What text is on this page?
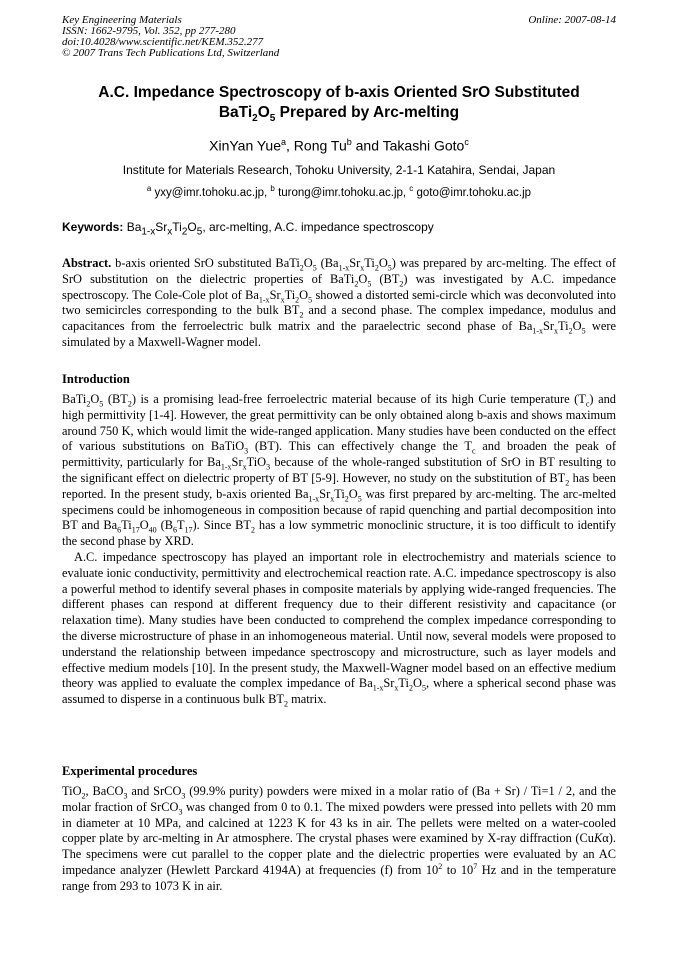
Key Engineering Materials
ISSN: 1662-9795, Vol. 352, pp 277-280
doi:10.4028/www.scientific.net/KEM.352.277
© 2007 Trans Tech Publications Ltd, Switzerland
Online: 2007-08-14
A.C. Impedance Spectroscopy of b-axis Oriented SrO Substituted
$BaTi_2O_5$ Prepared by Arc-melting
XinYan Yue$^a$, Rong Tu$^b$ and Takashi Goto$^c$
Institute for Materials Research, Tohoku University, 2-1-1 Katahira, Sendai, Japan
$^a$ yxy@imr.tohoku.ac.jp, $^b$ turong@imr.tohoku.ac.jp, $^c$ goto@imr.tohoku.ac.jp
Keywords: $Ba_{1-x}Sr_xTi_2O_5$, arc-melting, A.C. impedance spectroscopy

Abstract. b-axis oriented SrO substituted $BaTi_2O_5$ $(Ba_{1-x}Sr_xTi_2O_5)$ was prepared by arc-melting. The effect of SrO substitution on the dielectric properties of $BaTi_2O_5$ $(BT_2)$ was investigated by A.C. impedance spectroscopy. The Cole-Cole plot of $Ba_{1-x}Sr_xTi_2O_5$ showed a distorted semi-circle which was deconvoluted into two semicircles corresponding to the bulk $BT_2$ and a second phase. The complex impedance, modulus and capacitances from the ferroelectric bulk matrix and the paraelectric second phase of $Ba_{1-x}Sr_xTi_2O_5$ were simulated by a Maxwell-Wagner model.

Introduction

$BaTi_2O_5$ $(BT_2)$ is a promising lead-free ferroelectric material because of its high Curie temperature $(T_c)$ and high permittivity [1-4]. However, the great permittivity can be only obtained along b-axis and shows maximum around 750 K, which would limit the wide-ranged application. Many studies have been conducted on the effect of various substitutions on BaTiO$_3$ (BT). This can effectively change the $T_c$ and broaden the peak of permittivity, particularly for $Ba_{1-x}Sr_xTiO_3$ because of the whole-ranged substitution of SrO in BT resulting to the significant effect on dielectric property of BT [5-9]. However, no study on the substitution of $BT_2$ has been reported. In the present study, b-axis oriented $Ba_{1-x}Sr_xTi_2O_5$ was first prepared by arc-melting. The arc-melted specimens could be inhomogeneous in composition because of rapid quenching and partial decomposition into BT and $Ba_6Ti_{17}O_{40}$ $(B_6T_{17})$. Since $BT_2$ has a low symmetric monoclinic structure, it is too difficult to identify the second phase by XRD.

A.C. impedance spectroscopy has played an important role in electrochemistry and materials science to evaluate ionic conductivity, permittivity and electrochemical reaction rate. A.C. impedance spectroscopy is also a powerful method to identify several phases in composite materials by applying wide-ranged frequencies. The different phases can respond at different frequency due to their different resistivity and capacitance (or relaxation time). Many studies have been conducted to comprehend the complex impedance corresponding to the diverse microstructure of phase in an inhomogeneous material. Until now, several models were proposed to understand the relationship between impedance spectroscopy and microstructure, such as layer models and effective medium models [10]. In the present study, the Maxwell-Wagner model based on an effective medium theory was applied to evaluate the complex impedance of $Ba_{1-x}Sr_xTi_2O_5$, where a spherical second phase was assumed to disperse in a continuous bulk $BT_2$ matrix.

Experimental procedures

TiO$_2$, BaCO$_3$ and SrCO$_3$ (99.9% purity) powders were mixed in a molar ratio of (Ba + Sr) / Ti=1 / 2, and the molar fraction of SrCO$_3$ was changed from 0 to 0.1. The mixed powders were pressed into pellets with 20 mm in diameter at 10 MPa, and calcined at 1223 K for 43 ks in air. The pellets were melted on a water-cooled copper plate by arc-melting in Ar atmosphere. The crystal phases were examined by X-ray diffraction (CuKα). The specimens were cut parallel to the copper plate and the dielectric properties were evaluated by an AC impedance analyzer (Hewlett Parckard 4194A) at frequencies (f) from $10^2$ to $10^7$ Hz and in the temperature range from 293 to 1073 K in air.
